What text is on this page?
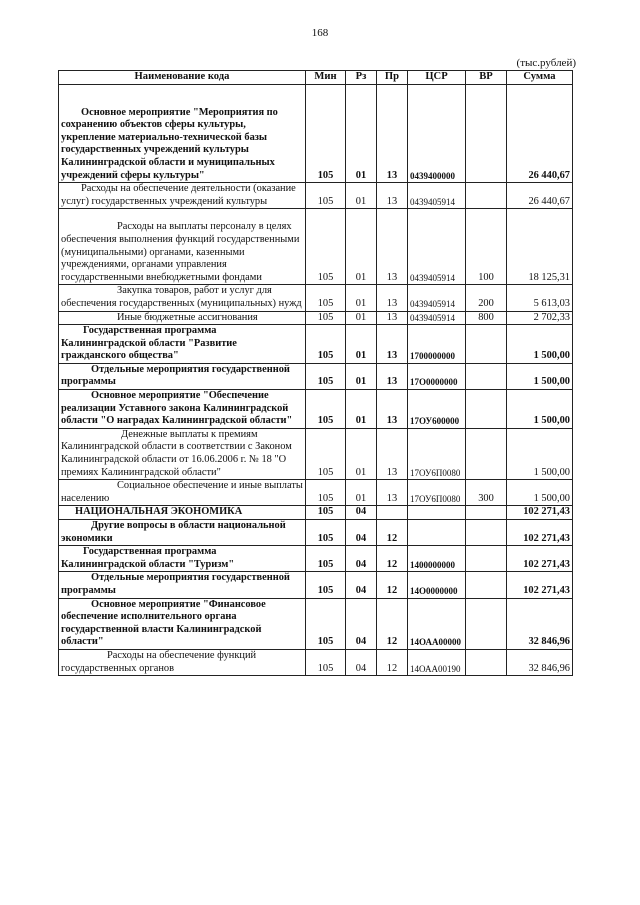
168
(тыс.рублей)
Наименование кода	Мин	Рз	Пр	ЦСР	ВР	Сумма
Основное мероприятие "Мероприятия по сохранению объектов сферы культуры, укрепление материально-технической базы государственных учреждений культуры Калининградской области и муниципальных учреждений сферы культуры"	105	01	13	0439400000		26 440,67
Расходы на обеспечение деятельности (оказание услуг) государственных учреждений культуры	105	01	13	0439405914		26 440,67
Расходы на выплаты персоналу в целях обеспечения выполнения функций государственными (муниципальными) органами, казенными учреждениями, органами управления государственными внебюджетными фондами	105	01	13	0439405914	100	18 125,31
Закупка товаров, работ и услуг для обеспечения государственных (муниципальных) нужд	105	01	13	0439405914	200	5 613,03
Иные бюджетные ассигнования	105	01	13	0439405914	800	2 702,33
Государственная программа Калининградской области "Развитие гражданского общества"	105	01	13	1700000000		1 500,00
Отдельные мероприятия государственной программы	105	01	13	17О0000000		1 500,00
Основное мероприятие "Обеспечение реализации Уставного закона Калининградской области "О наградах Калининградской области"	105	01	13	17ОУ600000		1 500,00
Денежные выплаты к премиям Калининградской области в соответствии с Законом Калининградской области от 16.06.2006 г. № 18 "О премиях Калининградской области"	105	01	13	17ОУ6П0080		1 500,00
Социальное обеспечение и иные выплаты населению	105	01	13	17ОУ6П0080	300	1 500,00
НАЦИОНАЛЬНАЯ ЭКОНОМИКА	105	04				102 271,43
Другие вопросы в области национальной экономики	105	04	12			102 271,43
Государственная программа Калининградской области "Туризм"	105	04	12	1400000000		102 271,43
Отдельные мероприятия государственной программы	105	04	12	14О0000000		102 271,43
Основное мероприятие "Финансовое обеспечение исполнительного органа государственной власти Калининградской области"	105	04	12	14ОАА00000		32 846,96
Расходы на обеспечение функций государственных органов	105	04	12	14ОАА00190		32 846,96
